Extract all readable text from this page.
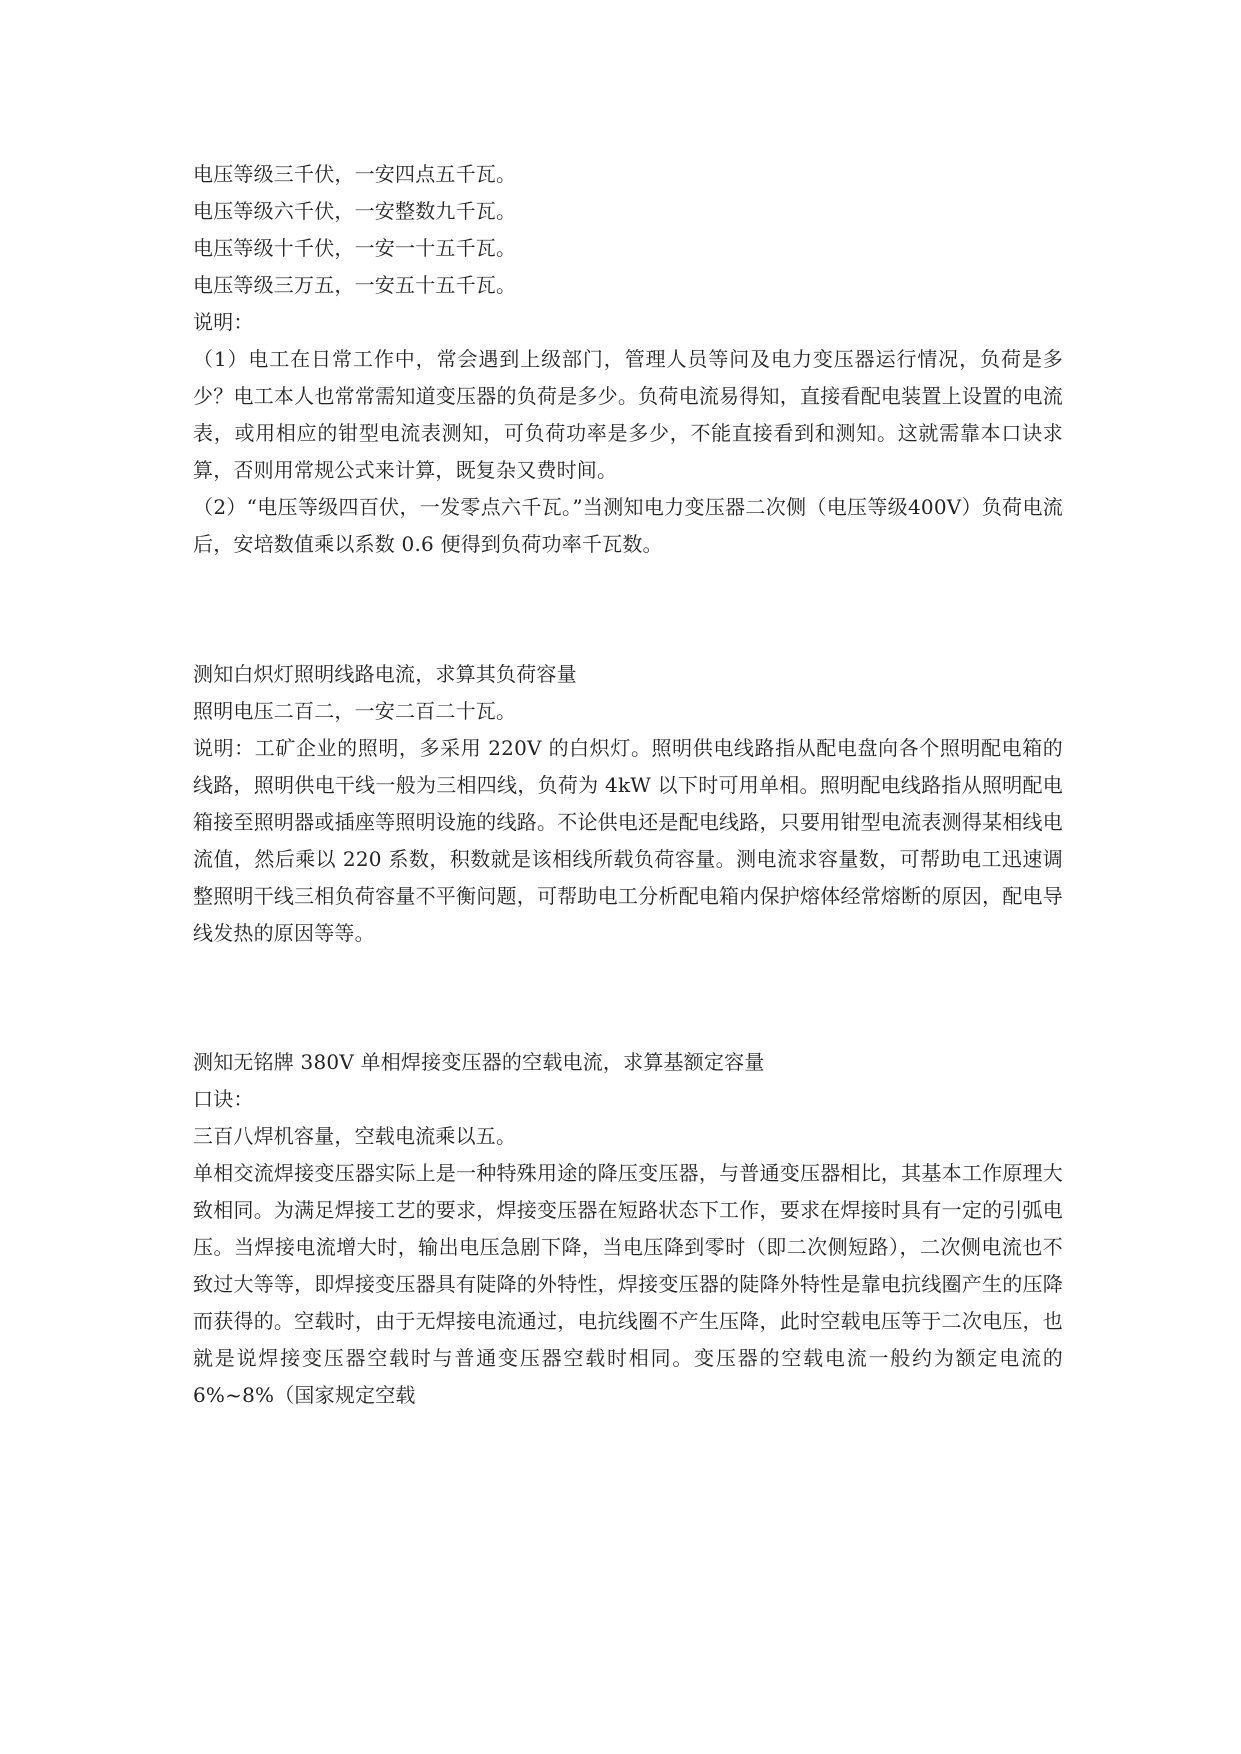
电压等级三千伏，一安四点五千瓦。

电压等级六千伏，一安整数九千瓦。

电压等级十千伏，一安一十五千瓦。

电压等级三万五，一安五十五千瓦。

说明：

（1）电工在日常工作中，常会遇到上级部门，管理人员等问及电力变压器运行情况，负荷是多少？电工本人也常常需知道变压器的负荷是多少。负荷电流易得知，直接看配电装置上设置的电流表，或用相应的钳型电流表测知，可负荷功率是多少，不能直接看到和测知。这就需靠本口诀求算，否则用常规公式来计算，既复杂又费时间。

（2）“电压等级四百伏，一发零点六千瓦。”当测知电力变压器二次侧（电压等级400V）负荷电流后，安培数值乘以系数 0.6 便得到负荷功率千瓦数。

测知白炽灯照明线路电流，求算其负荷容量

照明电压二百二，一安二百二十瓦。

说明：工矿企业的照明，多采用 220V 的白炽灯。照明供电线路指从配电盘向各个照明配电箱的线路，照明供电干线一般为三相四线，负荷为 4kW 以下时可用单相。照明配电线路指从照明配电箱接至照明器或插座等照明设施的线路。不论供电还是配电线路，只要用钳型电流表测得某相线电流值，然后乘以 220 系数，积数就是该相线所载负荷容量。测电流求容量数，可帮助电工迅速调整照明干线三相负荷容量不平衡问题，可帮助电工分析配电箱内保护熔体经常熔断的原因，配电导线发热的原因等等。

测知无铭牌 380V 单相焊接变压器的空载电流，求算基额定容量

口诀：

三百八焊机容量，空载电流乘以五。

单相交流焊接变压器实际上是一种特殊用途的降压变压器，与普通变压器相比，其基本工作原理大致相同。为满足焊接工艺的要求，焊接变压器在短路状态下工作，要求在焊接时具有一定的引弧电压。当焊接电流增大时，输出电压急剧下降，当电压降到零时（即二次侧短路），二次侧电流也不致过大等等，即焊接变压器具有陡降的外特性，焊接变压器的陡降外特性是靠电抗线圈产生的压降而获得的。空载时，由于无焊接电流通过，电抗线圈不产生压降，此时空载电压等于二次电压，也就是说焊接变压器空载时与普通变压器空载时相同。变压器的空载电流一般约为额定电流的 6%~8%（国家规定空载
